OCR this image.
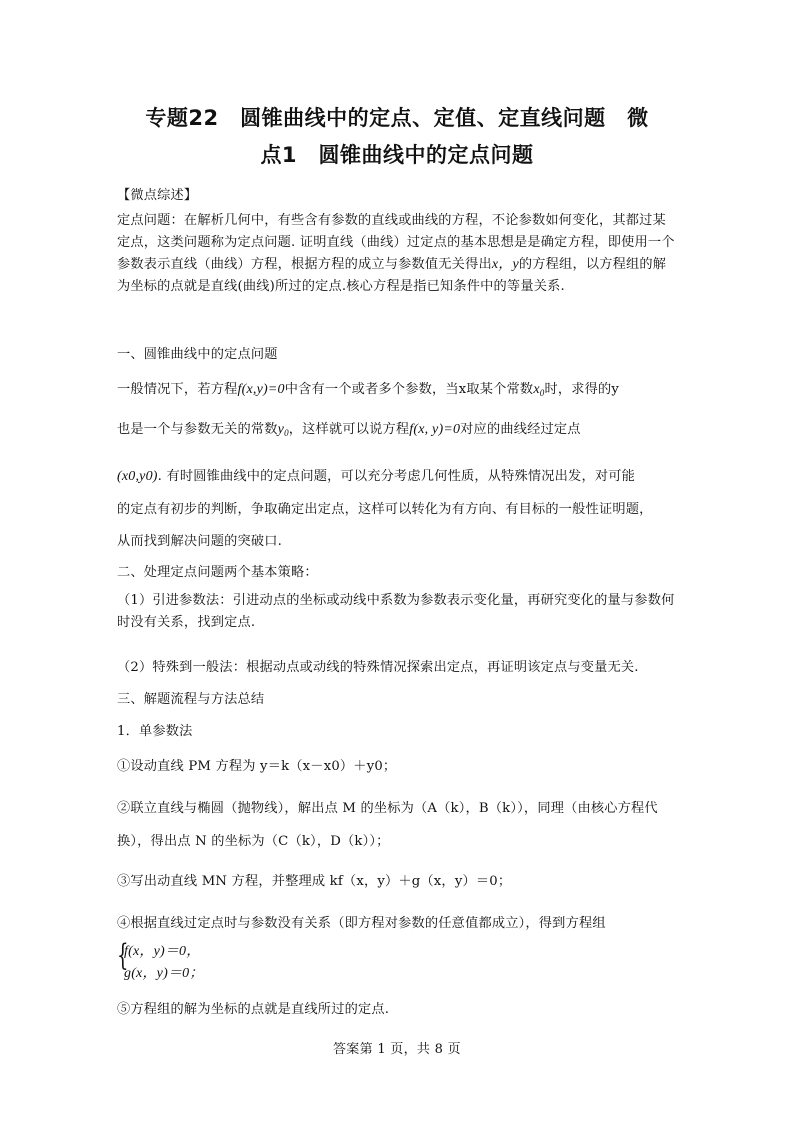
专题22　圆锥曲线中的定点、定值、定直线问题　微
点1　圆锥曲线中的定点问题
【微点综述】
定点问题：在解析几何中，有些含有参数的直线或曲线的方程，不论参数如何变化，其都过某定点，这类问题称为定点问题. 证明直线（曲线）过定点的基本思想是是确定方程，即使用一个参数表示直线（曲线）方程，根据方程的成立与参数值无关得出x，y的方程组，以方程组的解为坐标的点就是直线(曲线)所过的定点.核心方程是指已知条件中的等量关系.
一、圆锥曲线中的定点问题
一般情况下，若方程f(x,y)=0中含有一个或者多个参数，当x取某个常数$x_0$时，求得的y
也是一个与参数无关的常数$y_0$，这样就可以说方程f(x, y)=0对应的曲线经过定点
(x0,y0). 有时圆锥曲线中的定点问题，可以充分考虑几何性质，从特殊情况出发，对可能
的定点有初步的判断，争取确定出定点，这样可以转化为有方向、有目标的一般性证明题，
从而找到解决问题的突破口.
二、处理定点问题两个基本策略：
（1）引进参数法：引进动点的坐标或动线中系数为参数表示变化量，再研究变化的量与参数何时没有关系，找到定点.
（2）特殊到一般法：根据动点或动线的特殊情况探索出定点，再证明该定点与变量无关.
三、解题流程与方法总结
1．单参数法
①设动直线 PM 方程为 y＝k（x－x0）＋y0；
②联立直线与椭圆（抛物线），解出点 M 的坐标为（A（k），B（k）），同理（由核心方程代换），得出点 N 的坐标为（C（k），D（k））；
③写出动直线 MN 方程，并整理成 kf（x，y）＋g（x，y）＝0；
④根据直线过定点时与参数没有关系（即方程对参数的任意值都成立），得到方程组
{
f(x，y)＝0，
g(x，y)＝0；
⑤方程组的解为坐标的点就是直线所过的定点.
答案第 1 页，共 8 页
